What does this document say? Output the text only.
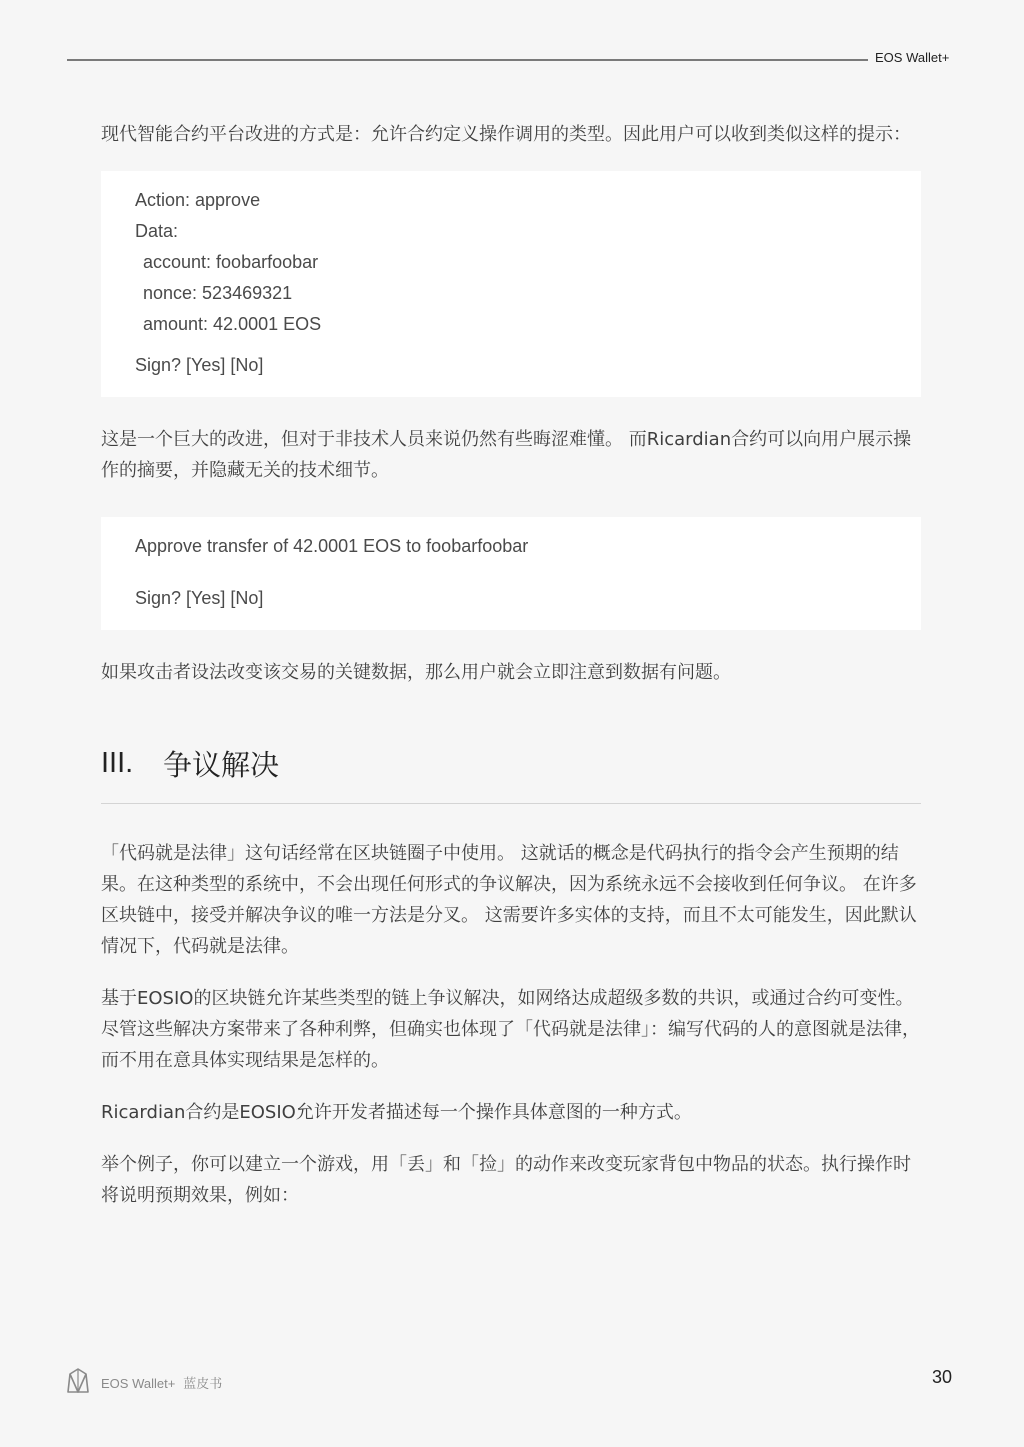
EOS Wallet+

现代智能合约平台改进的方式是：允许合约定义操作调用的类型。因此用户可以收到类似这样的提示：

Action: approve
Data:
account: foobarfoobar
nonce: 523469321
amount: 42.0001 EOS
Sign? [Yes] [No]

这是一个巨大的改进，但对于非技术人员来说仍然有些晦涩难懂。 而Ricardian合约可以向用户展示操作的摘要，并隐藏无关的技术细节。

Approve transfer of 42.0001 EOS to foobarfoobar
Sign? [Yes] [No]

如果攻击者设法改变该交易的关键数据，那么用户就会立即注意到数据有问题。

III.	争议解决

「代码就是法律」这句话经常在区块链圈子中使用。 这就话的概念是代码执行的指令会产生预期的结果。在这种类型的系统中，不会出现任何形式的争议解决，因为系统永远不会接收到任何争议。 在许多区块链中，接受并解决争议的唯一方法是分叉。 这需要许多实体的支持，而且不太可能发生，因此默认情况下，代码就是法律。

基于EOSIO的区块链允许某些类型的链上争议解决，如网络达成超级多数的共识，或通过合约可变性。尽管这些解决方案带来了各种利弊，但确实也体现了「代码就是法律」：编写代码的人的意图就是法律，而不用在意具体实现结果是怎样的。

Ricardian合约是EOSIO允许开发者描述每一个操作具体意图的一种方式。

举个例子，你可以建立一个游戏，用「丢」和「捡」的动作来改变玩家背包中物品的状态。执行操作时将说明预期效果，例如：

EOS Wallet+ 蓝皮书	30
